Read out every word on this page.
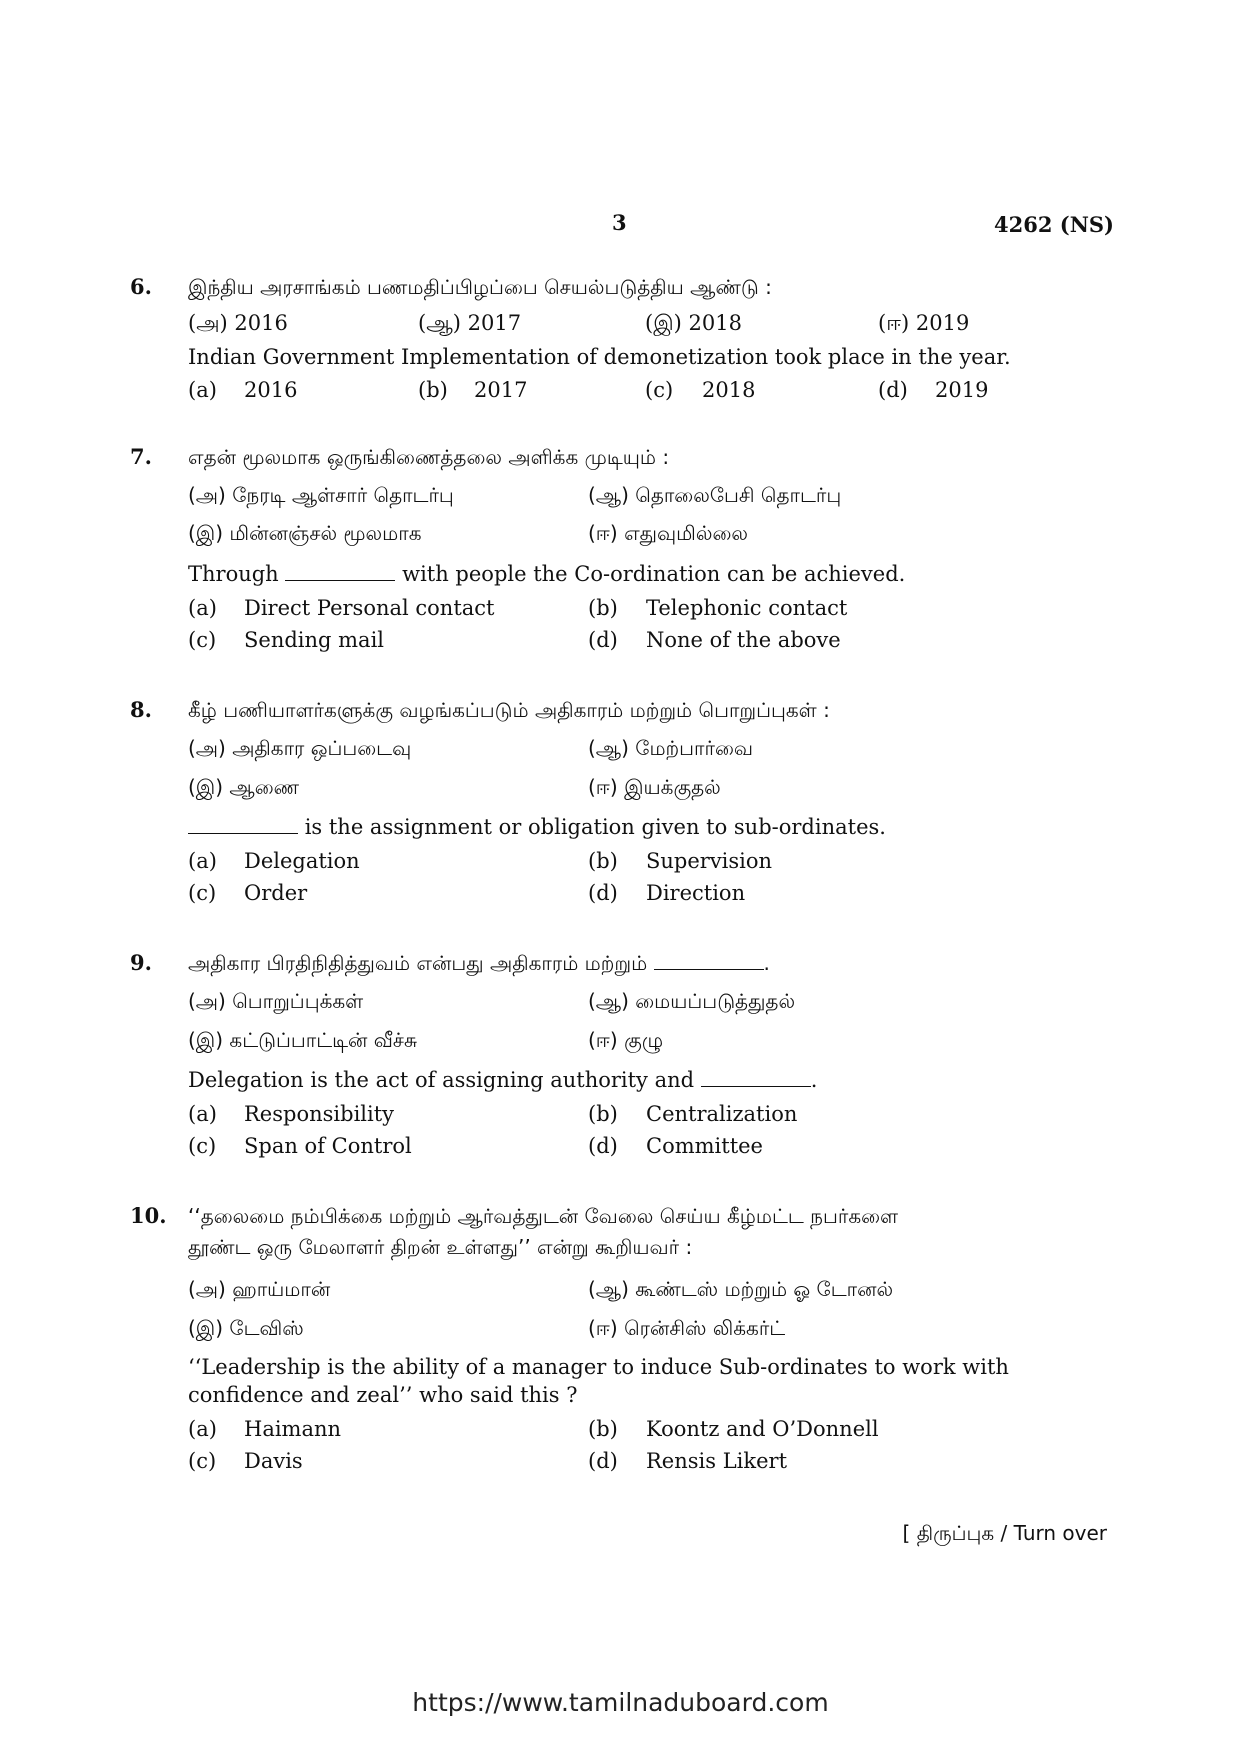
3	4262 (NS)
6. இந்திய அரசாங்கம் பணமதிப்பிழப்பை செயல்படுத்திய ஆண்டு :
(அ) 2016	(ஆ) 2017	(இ) 2018	(ஈ) 2019
Indian Government Implementation of demonetization took place in the year.
(a) 2016	(b) 2017	(c) 2018	(d) 2019
7. எதன் மூலமாக ஒருங்கிணைத்தலை அளிக்க முடியும் :
(அ) நேரடி ஆள்சார் தொடர்பு	(ஆ) தொலைபேசி தொடர்பு
(இ) மின்னஞ்சல் மூலமாக	(ஈ) எதுவுமில்லை
Through	with people the Co-ordination can be achieved.
(a) Direct Personal contact	(b) Telephonic contact
(c) Sending mail	(d) None of the above
8. கீழ் பணியாளர்களுக்கு வழங்கப்படும் அதிகாரம் மற்றும் பொறுப்புகள் :
(அ) அதிகார ஒப்படைவு	(ஆ) மேற்பார்வை
(இ) ஆணை	(ஈ) இயக்குதல்
is the assignment or obligation given to sub-ordinates.
(a) Delegation	(b) Supervision
(c) Order	(d) Direction
9. அதிகார பிரதிநிதித்துவம் என்பது அதிகாரம் மற்றும்	.
(அ) பொறுப்புக்கள்	(ஆ) மையப்படுத்துதல்
(இ) கட்டுப்பாட்டின் வீச்சு	(ஈ) குழு
Delegation is the act of assigning authority and	.
(a) Responsibility	(b) Centralization
(c) Span of Control	(d) Committee
10. ‘‘தலைமை நம்பிக்கை மற்றும் ஆர்வத்துடன் வேலை செய்ய கீழ்மட்ட நபர்களை
தூண்ட ஒரு மேலாளர் திறன் உள்ளது’’ என்று கூறியவர் :
(அ) ஹாய்மான்	(ஆ) கூண்டஸ் மற்றும் ஓ டோனல்
(இ) டேவிஸ்	(ஈ) ரென்சிஸ் லிக்கர்ட்
‘‘Leadership is the ability of a manager to induce Sub-ordinates to work with
confidence and zeal’’ who said this ?
(a) Haimann	(b) Koontz and O’Donnell
(c) Davis	(d) Rensis Likert
[ திருப்புக / Turn over
https://www.tamilnaduboard.com
